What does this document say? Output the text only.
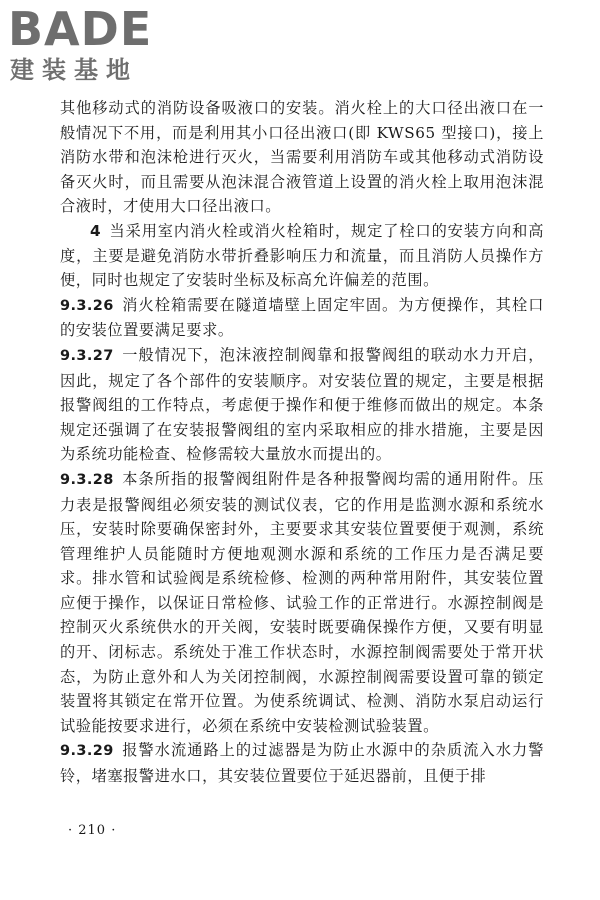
BADE
建装基地

其他移动式的消防设备吸液口的安装。消火栓上的大口径出液口在一般情况下不用，而是利用其小口径出液口(即 KWS65 型接口)，接上消防水带和泡沫枪进行灭火，当需要利用消防车或其他移动式消防设备灭火时，而且需要从泡沫混合液管道上设置的消火栓上取用泡沫混合液时，才使用大口径出液口。

4 当采用室内消火栓或消火栓箱时，规定了栓口的安装方向和高度，主要是避免消防水带折叠影响压力和流量，而且消防人员操作方便，同时也规定了安装时坐标及标高允许偏差的范围。

9.3.26 消火栓箱需要在隧道墙壁上固定牢固。为方便操作，其栓口的安装位置要满足要求。

9.3.27 一般情况下，泡沫液控制阀靠和报警阀组的联动水力开启，因此，规定了各个部件的安装顺序。对安装位置的规定，主要是根据报警阀组的工作特点，考虑便于操作和便于维修而做出的规定。本条规定还强调了在安装报警阀组的室内采取相应的排水措施，主要是因为系统功能检查、检修需较大量放水而提出的。

9.3.28 本条所指的报警阀组附件是各种报警阀均需的通用附件。压力表是报警阀组必须安装的测试仪表，它的作用是监测水源和系统水压，安装时除要确保密封外，主要要求其安装位置要便于观测，系统管理维护人员能随时方便地观测水源和系统的工作压力是否满足要求。排水管和试验阀是系统检修、检测的两种常用附件，其安装位置应便于操作，以保证日常检修、试验工作的正常进行。水源控制阀是控制灭火系统供水的开关阀，安装时既要确保操作方便，又要有明显的开、闭标志。系统处于准工作状态时，水源控制阀需要处于常开状态，为防止意外和人为关闭控制阀，水源控制阀需要设置可靠的锁定装置将其锁定在常开位置。为使系统调试、检测、消防水泵启动运行试验能按要求进行，必须在系统中安装检测试验装置。

9.3.29 报警水流通路上的过滤器是为防止水源中的杂质流入水力警铃，堵塞报警进水口，其安装位置要位于延迟器前，且便于排

· 210 ·
